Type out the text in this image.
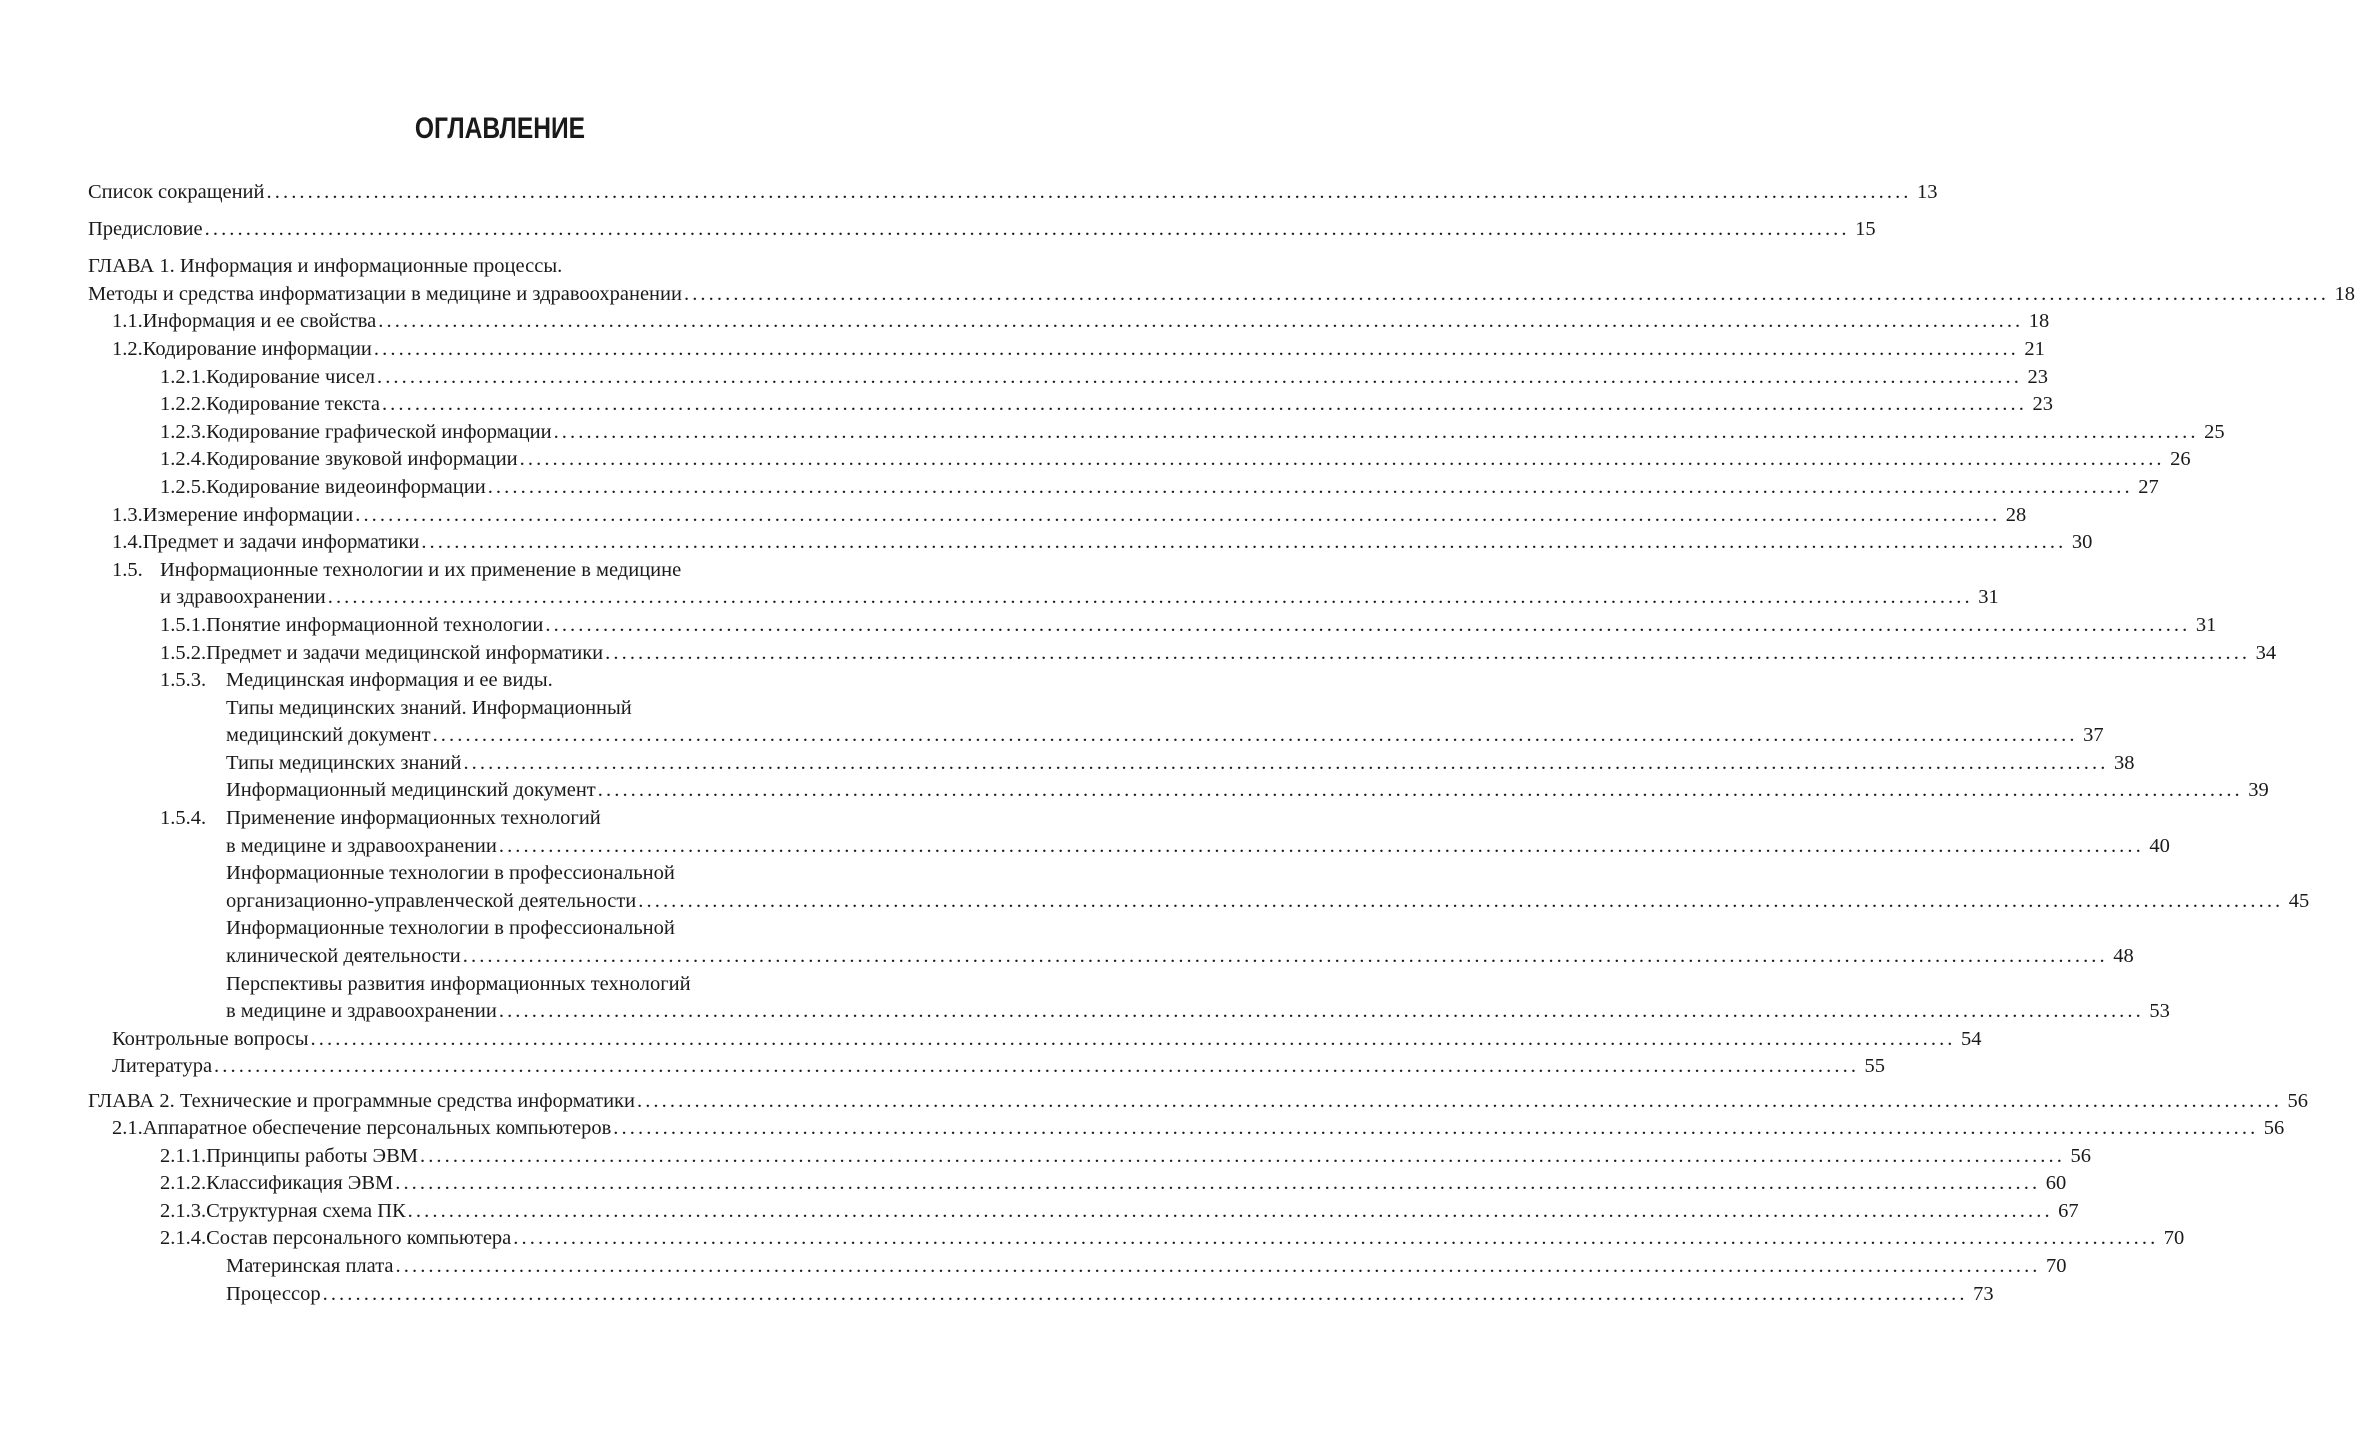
ОГЛАВЛЕНИЕ
Список сокращений ........................................................................................................................................................................................................ 13
Предисловие ........................................................................................................................................................................................................ 15
ГЛАВА 1. Информация и информационные процессы.
Методы и средства информатизации в медицине и здравоохранении ........................................................................................................................................................................................................ 18
1.1. Информация и ее свойства ........................................................................................................................................................................................................ 18
1.2. Кодирование информации ........................................................................................................................................................................................................ 21
1.2.1. Кодирование чисел ........................................................................................................................................................................................................ 23
1.2.2. Кодирование текста ........................................................................................................................................................................................................ 23
1.2.3. Кодирование графической информации ........................................................................................................................................................................................................ 25
1.2.4. Кодирование звуковой информации ........................................................................................................................................................................................................ 26
1.2.5. Кодирование видеоинформации ........................................................................................................................................................................................................ 27
1.3. Измерение информации ........................................................................................................................................................................................................ 28
1.4. Предмет и задачи информатики ........................................................................................................................................................................................................ 30
1.5. Информационные технологии и их применение в медицине
и здравоохранении ........................................................................................................................................................................................................ 31
1.5.1. Понятие информационной технологии ........................................................................................................................................................................................................ 31
1.5.2. Предмет и задачи медицинской информатики ........................................................................................................................................................................................................ 34
1.5.3. Медицинская информация и ее виды.
Типы медицинских знаний. Информационный
медицинский документ ........................................................................................................................................................................................................ 37
Типы медицинских знаний ........................................................................................................................................................................................................ 38
Информационный медицинский документ ........................................................................................................................................................................................................ 39
1.5.4. Применение информационных технологий
в медицине и здравоохранении ........................................................................................................................................................................................................ 40
Информационные технологии в профессиональной
организационно-управленческой деятельности ........................................................................................................................................................................................................ 45
Информационные технологии в профессиональной
клинической деятельности ........................................................................................................................................................................................................ 48
Перспективы развития информационных технологий
в медицине и здравоохранении ........................................................................................................................................................................................................ 53
Контрольные вопросы ........................................................................................................................................................................................................ 54
Литература ........................................................................................................................................................................................................ 55
ГЛАВА 2. Технические и программные средства информатики ........................................................................................................................................................................................................ 56
2.1. Аппаратное обеспечение персональных компьютеров ........................................................................................................................................................................................................ 56
2.1.1. Принципы работы ЭВМ ........................................................................................................................................................................................................ 56
2.1.2. Классификация ЭВМ ........................................................................................................................................................................................................ 60
2.1.3. Структурная схема ПК ........................................................................................................................................................................................................ 67
2.1.4. Состав персонального компьютера ........................................................................................................................................................................................................ 70
Материнская плата ........................................................................................................................................................................................................ 70
Процессор ........................................................................................................................................................................................................ 73
